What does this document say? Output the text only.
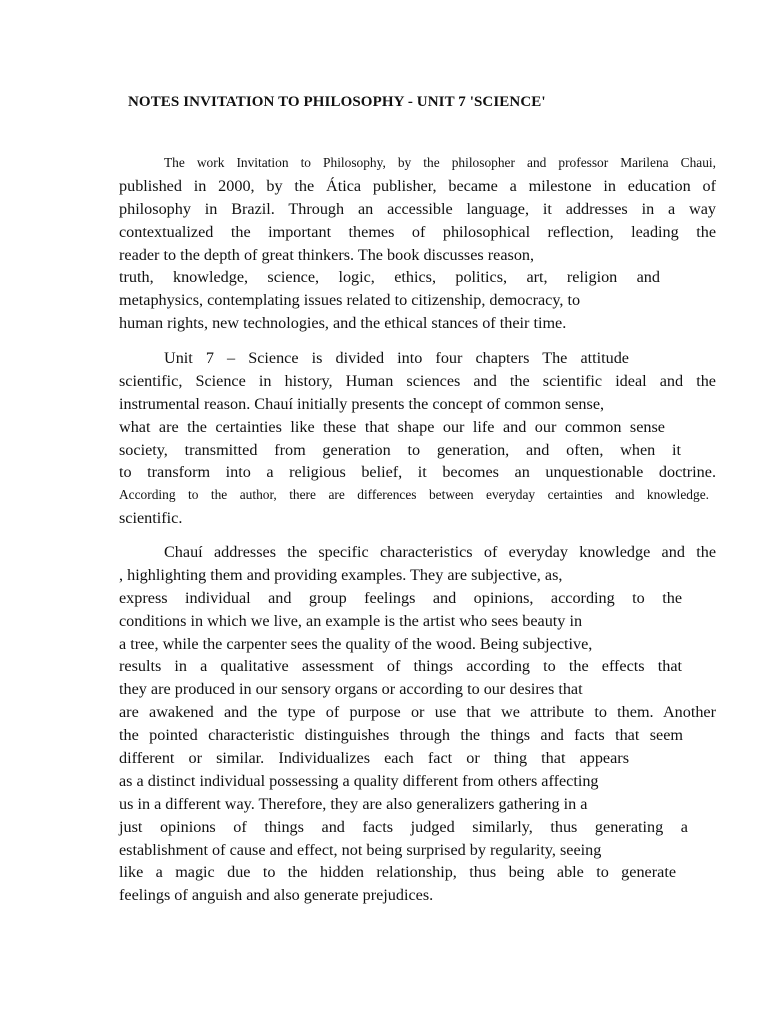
NOTES INVITATION TO PHILOSOPHY - UNIT 7 'SCIENCE'
The work Invitation to Philosophy, by the philosopher and professor Marilena Chaui,
published in 2000, by the Ática publisher, became a milestone in education of
philosophy in Brazil. Through an accessible language, it addresses in a way
contextualized the important themes of philosophical reflection, leading the
reader to the depth of great thinkers. The book discusses reason,
truth, knowledge, science, logic, ethics, politics, art, religion and
metaphysics, contemplating issues related to citizenship, democracy, to
human rights, new technologies, and the ethical stances of their time.
Unit 7 – Science is divided into four chapters The attitude
scientific, Science in history, Human sciences and the scientific ideal and the
instrumental reason. Chauí initially presents the concept of common sense,
what are the certainties like these that shape our life and our common sense
society, transmitted from generation to generation, and often, when it
to transform into a religious belief, it becomes an unquestionable doctrine.
According to the author, there are differences between everyday certainties and knowledge.
scientific.
Chauí addresses the specific characteristics of everyday knowledge and the
, highlighting them and providing examples. They are subjective, as,
express individual and group feelings and opinions, according to the
conditions in which we live, an example is the artist who sees beauty in
a tree, while the carpenter sees the quality of the wood. Being subjective,
results in a qualitative assessment of things according to the effects that
they are produced in our sensory organs or according to our desires that
are awakened and the type of purpose or use that we attribute to them. Another
the pointed characteristic distinguishes through the things and facts that seem
different or similar. Individualizes each fact or thing that appears
as a distinct individual possessing a quality different from others affecting
us in a different way. Therefore, they are also generalizers gathering in a
just opinions of things and facts judged similarly, thus generating a
establishment of cause and effect, not being surprised by regularity, seeing
like a magic due to the hidden relationship, thus being able to generate
feelings of anguish and also generate prejudices.
